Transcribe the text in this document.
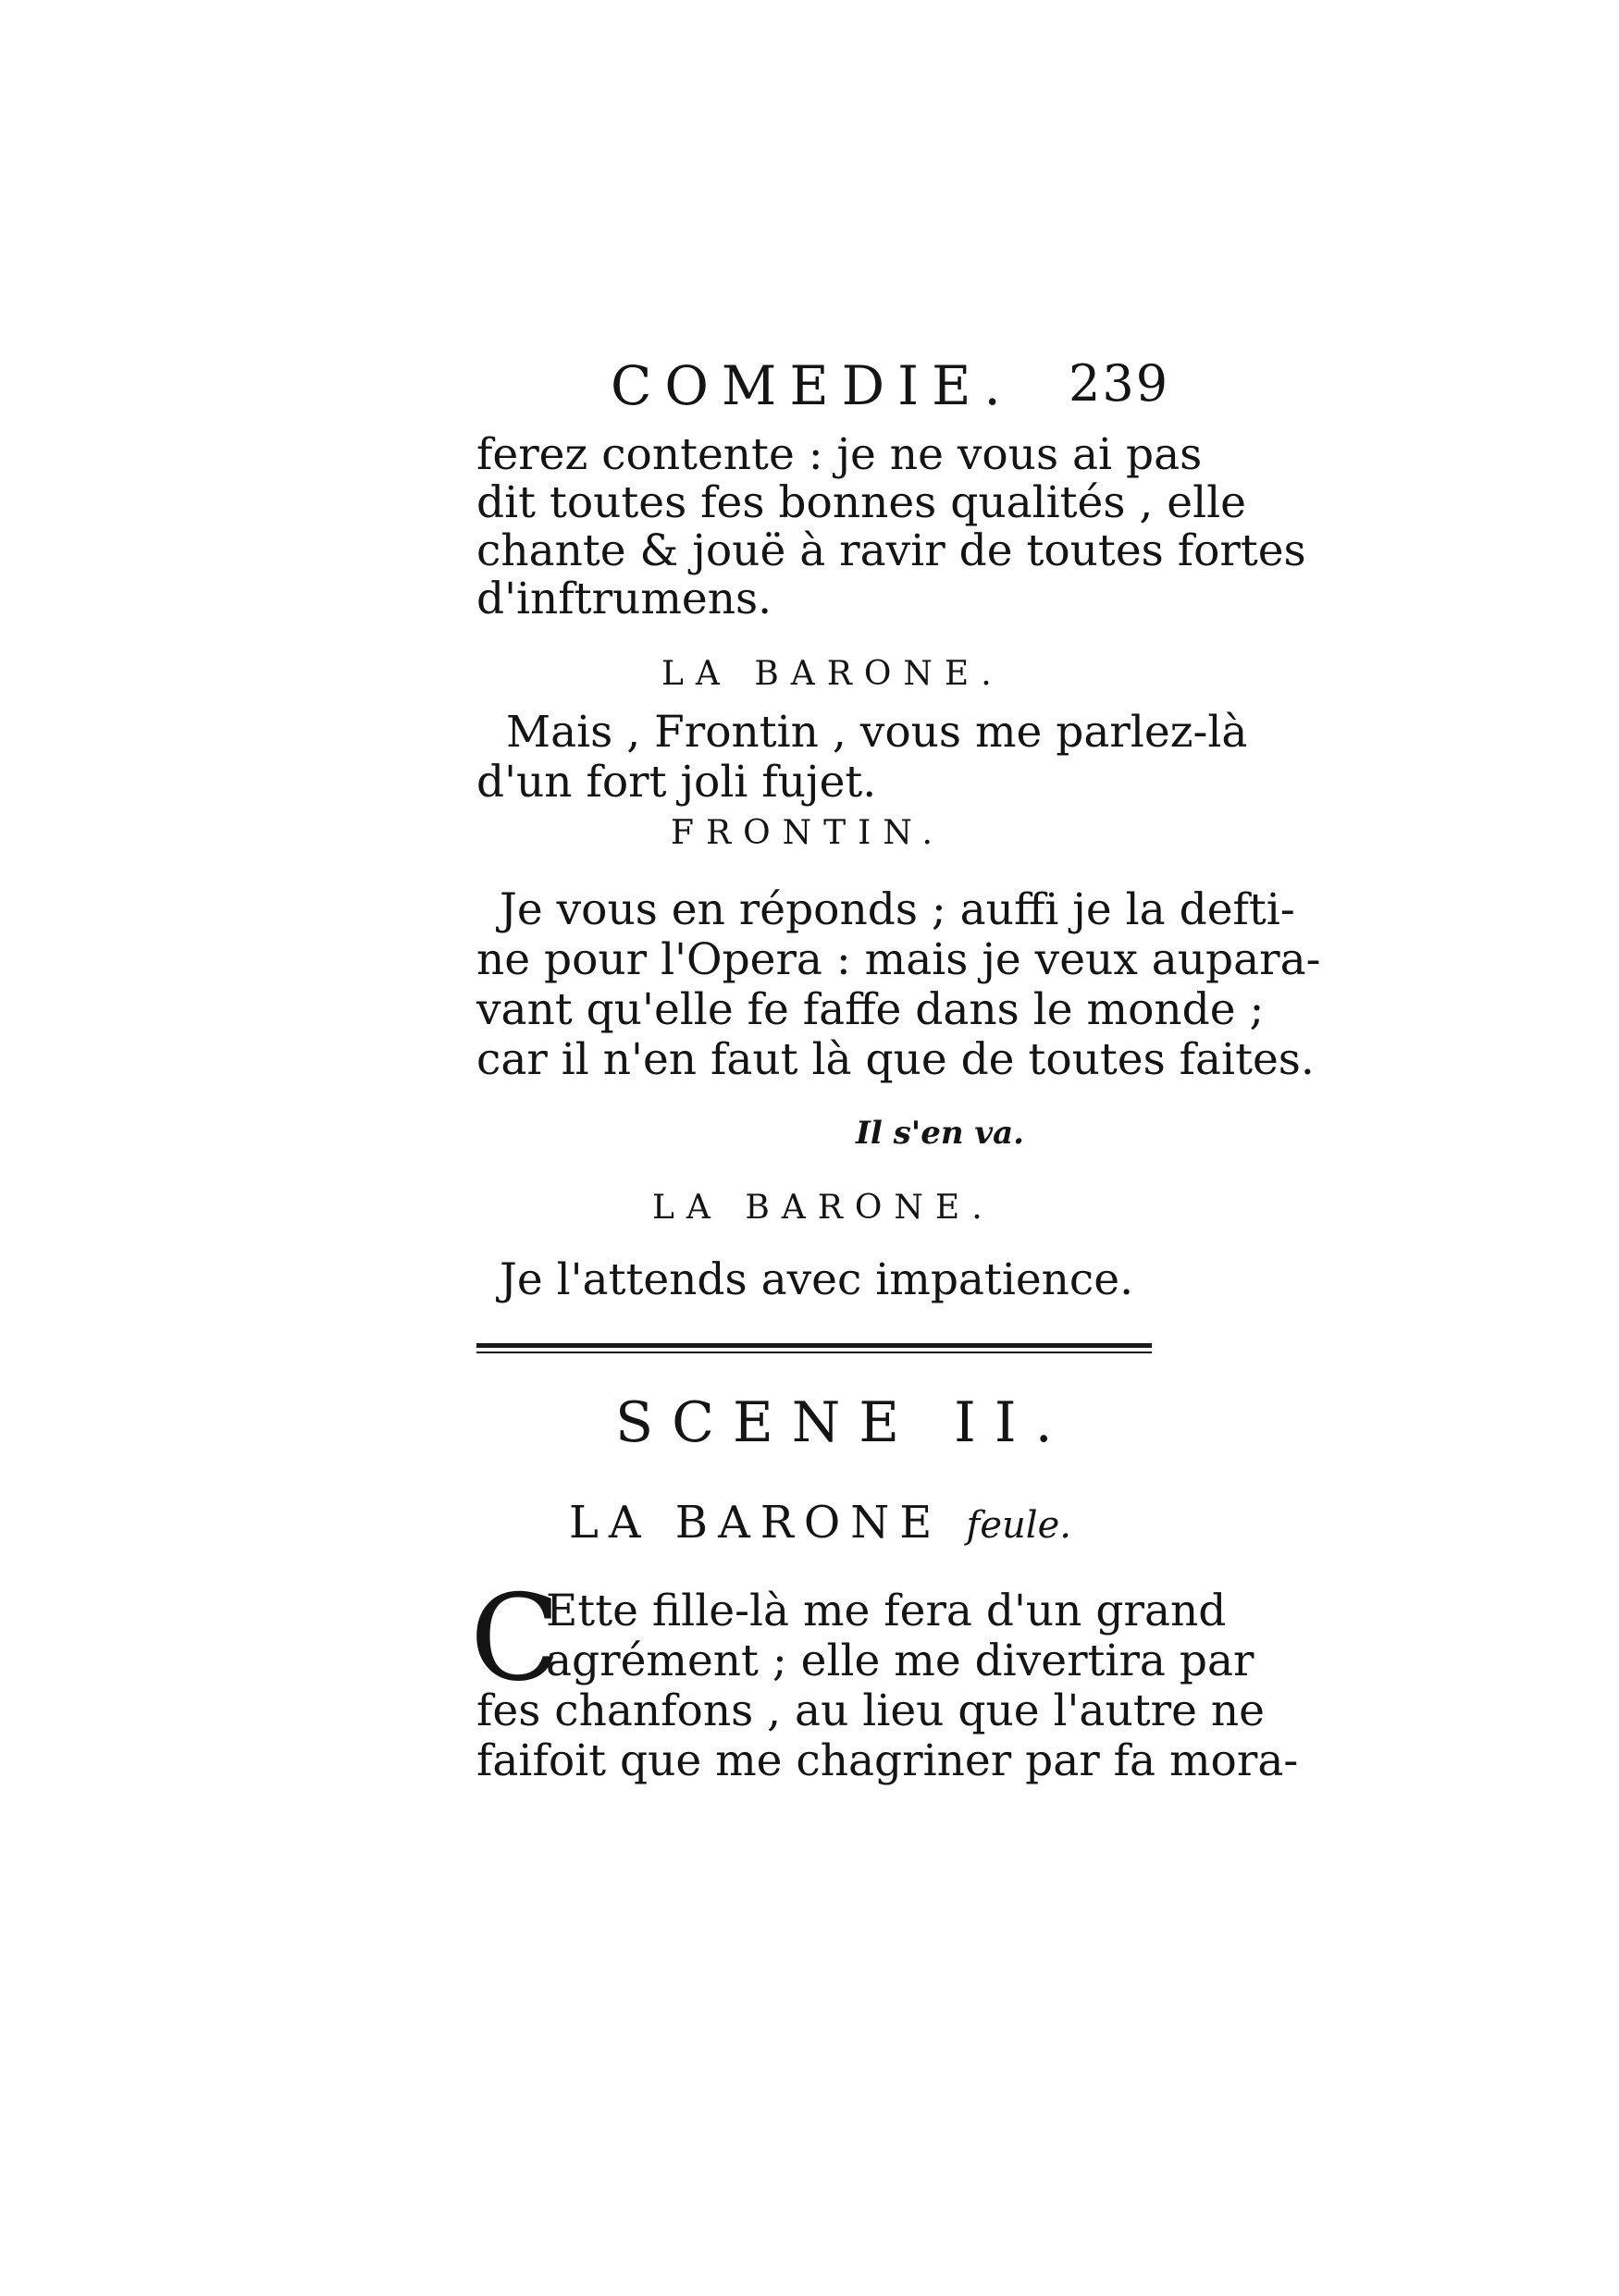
COMEDIE. 239
ferez contente : je ne vous ai pas
dit toutes fes bonnes qualités , elle
chante & jouë à ravir de toutes fortes
d'inftrumens.
LA BARONE.
Mais , Frontin , vous me parlez-là
d'un fort joli fujet.
FRONTIN.
Je vous en réponds ; auffi je la defti-
ne pour l'Opera : mais je veux aupara-
vant qu'elle fe faffe dans le monde ;
car il n'en faut là que de toutes faites.
Il s'en va.
LA BARONE.
Je l'attends avec impatience.
SCENE II.
LA BARONE feule.
C
Ette fille-là me fera d'un grand
agrément ; elle me divertira par
fes chanfons , au lieu que l'autre ne
faifoit que me chagriner par fa mora-
